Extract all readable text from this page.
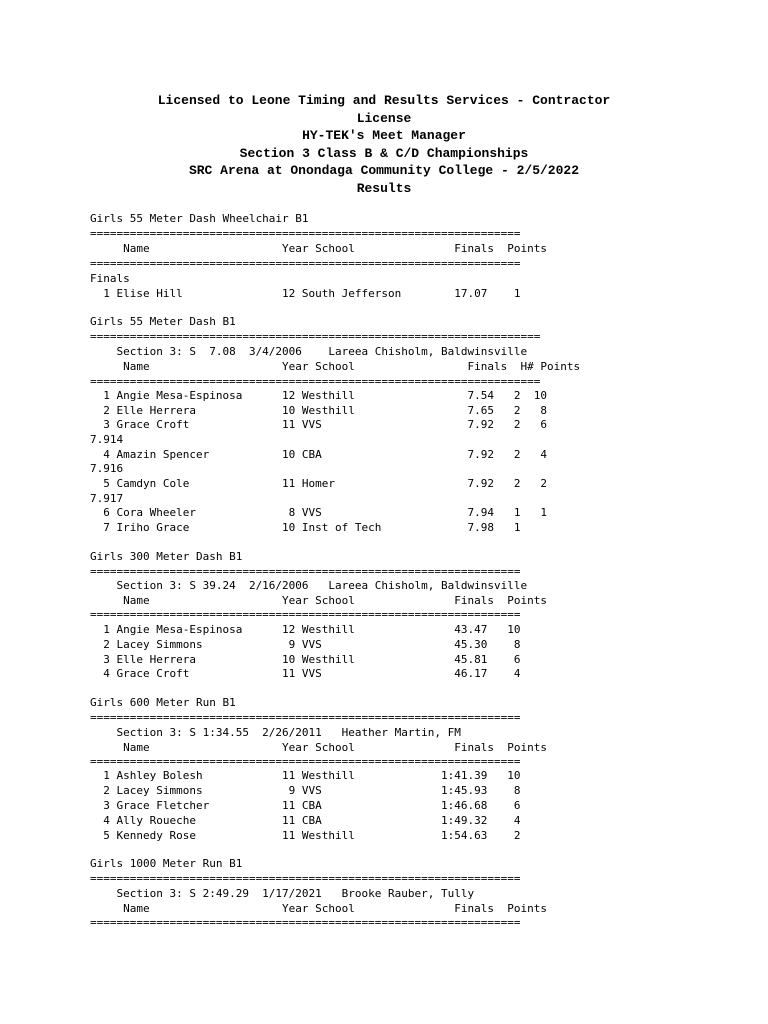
Licensed to Leone Timing and Results Services - Contractor
License
HY-TEK's Meet Manager
Section 3 Class B & C/D Championships
SRC Arena at Onondaga Community College - 2/5/2022
Results
Girls 55 Meter Dash Wheelchair B1
=================================================================
Name                    Year School               Finals  Points
=================================================================
Finals
1 Elise Hill               12 South Jefferson        17.07    1
Girls 55 Meter Dash B1
====================================================================
Section 3: S  7.08  3/4/2006    Lareea Chisholm, Baldwinsville
Name                    Year School                 Finals  H# Points
====================================================================
1 Angie Mesa-Espinosa      12 Westhill                 7.54   2  10
2 Elle Herrera             10 Westhill                 7.65   2   8
3 Grace Croft              11 VVS                      7.92   2   6
7.914
4 Amazin Spencer           10 CBA                      7.92   2   4
7.916
5 Camdyn Cole              11 Homer                    7.92   2   2
7.917
6 Cora Wheeler              8 VVS                      7.94   1   1
7 Iriho Grace              10 Inst of Tech             7.98   1
Girls 300 Meter Dash B1
=================================================================
Section 3: S 39.24  2/16/2006   Lareea Chisholm, Baldwinsville
Name                    Year School               Finals  Points
=================================================================
1 Angie Mesa-Espinosa      12 Westhill               43.47   10
2 Lacey Simmons             9 VVS                    45.30    8
3 Elle Herrera             10 Westhill               45.81    6
4 Grace Croft              11 VVS                    46.17    4
Girls 600 Meter Run B1
=================================================================
Section 3: S 1:34.55  2/26/2011   Heather Martin, FM
Name                    Year School               Finals  Points
=================================================================
1 Ashley Bolesh            11 Westhill             1:41.39   10
2 Lacey Simmons             9 VVS                  1:45.93    8
3 Grace Fletcher           11 CBA                  1:46.68    6
4 Ally Roueche             11 CBA                  1:49.32    4
5 Kennedy Rose             11 Westhill             1:54.63    2
Girls 1000 Meter Run B1
=================================================================
Section 3: S 2:49.29  1/17/2021   Brooke Rauber, Tully
Name                    Year School               Finals  Points
=================================================================
